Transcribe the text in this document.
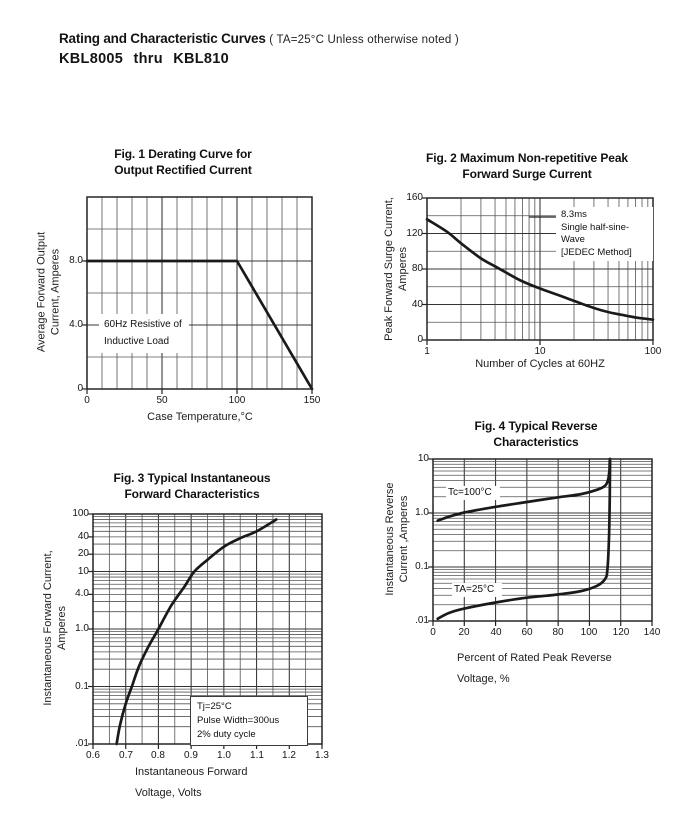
Rating and Characteristic Curves ( TA=25°C Unless otherwise noted )
KBL8005 thru KBL810
Fig. 1 Derating Curve for
Output Rectified Current
0	50	100	150
0
4.0
8.0
Case Temperature,°C
Average Forward Output Current, Amperes	60Hz Resistive of
Inductive Load
Fig. 2 Maximum Non-repetitive Peak
Forward Surge Current
1	10	100
0
40
80
120
160
Number of Cycles at 60HZ
Peak Forward Surge Current, Amperes
8.3ms
Single half-sine-Wave
[JEDEC Method]
Fig. 3 Typical Instantaneous
Forward Characteristics
0.6	0.7	0.8	0.9	1.0	1.1	1.2	1.3
100
40
20
10
4.0
1.0
0.1
.01
Instantaneous Forward
Voltage, Volts
Instantaneous Forward Current, Amperes
Tj=25°C
Pulse Width=300us
2% duty cycle
Fig. 4 Typical Reverse
Characteristics
0	20	40	60	80	100	120	140
10
1.0
0.1
.01
Percent of Rated Peak Reverse
Voltage, %
Instantaneous Reverse Current ,Amperes
Tc=100°C
TA=25°C
